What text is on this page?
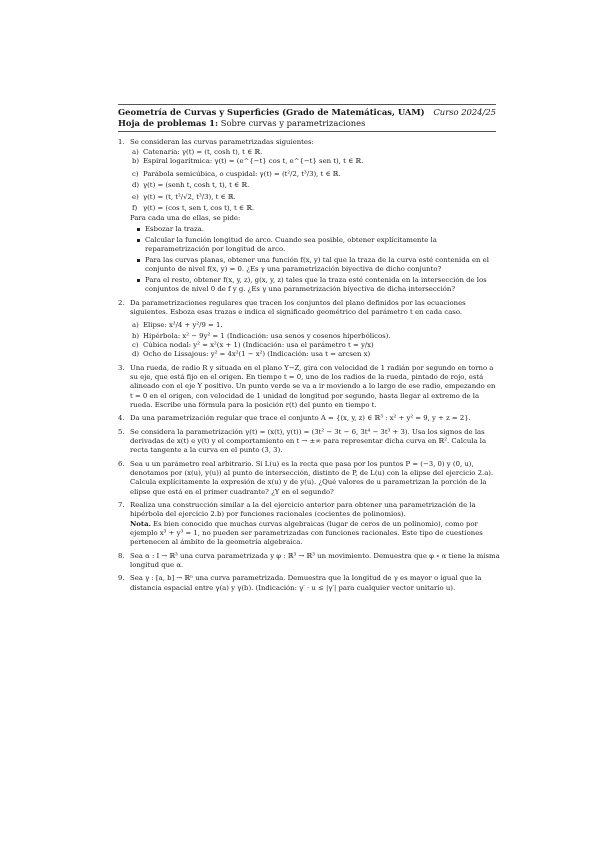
Geometría de Curvas y Superficies (Grado de Matemáticas, UAM) Curso 2024/25
Hoja de problemas 1: Sobre curvas y parametrizaciones
1. Se consideran las curvas parametrizadas siguientes:

a) Catenaria: γ(t) = (t, cosh t), t ∈ ℝ.
b) Espiral logarítmica: γ(t) = (e^{−t} cos t, e^{−t} sen t), t ∈ ℝ.
c) Parábola semicúbica, o cuspidal: γ(t) = (t²/2, t³/3), t ∈ ℝ.
d) γ(t) = (senh t, cosh t, t), t ∈ ℝ.
e) γ(t) = (t, t²/√2, t³/3), t ∈ ℝ.
f) γ(t) = (cos t, sen t, cos t), t ∈ ℝ.

Para cada una de ellas, se pide:

Esbozar la traza.
Calcular la función longitud de arco. Cuando sea posible, obtener explícitamente la reparametrización por longitud de arco.
Para las curvas planas, obtener una función f(x, y) tal que la traza de la curva esté contenida en el conjunto de nivel f(x, y) = 0. ¿Es γ una parametrización biyectiva de dicho conjunto?
Para el resto, obtener f(x, y, z), g(x, y, z) tales que la traza esté contenida en la intersección de los conjuntos de nivel 0 de f y g. ¿Es γ una parametrización biyectiva de dicha intersección?
2. Da parametrizaciones regulares que tracen los conjuntos del plano definidos por las ecuaciones siguientes. Esboza esas trazas e indica el significado geométrico del parámetro t en cada caso.

a) Elipse: x²/4 + y²/9 = 1.
b) Hipérbola: x² − 9y² = 1 (Indicación: usa senos y cosenos hiperbólicos).
c) Cúbica nodal: y² = x²(x + 1) (Indicación: usa el parámetro t = y/x)
d) Ocho de Lissajous: y² = 4x²(1 − x²) (Indicación: usa t = arcsen x)
3. Una rueda, de radio R y situada en el plano Y−Z, gira con velocidad de 1 radián por segundo en torno a su eje, que está fijo en el origen. En tiempo t = 0, uno de los radios de la rueda, pintado de rojo, está alineado con el eje Y positivo. Un punto verde se va a ir moviendo a lo largo de ese radio, empezando en t = 0 en el origen, con velocidad de 1 unidad de longitud por segundo, hasta llegar al extremo de la rueda. Escribe una fórmula para la posición r(t) del punto en tiempo t.

4. Da una parametrización regular que trace el conjunto A = {(x, y, z) ∈ ℝ³ : x² + y² = 9, y + z = 2}.

5. Se considera la parametrización γ(t) = (x(t), y(t)) = (3t² − 3t − 6, 3t⁴ − 3t³ + 3). Usa los signos de las derivadas de x(t) e y(t) y el comportamiento en t → ±∞ para representar dicha curva en ℝ². Calcula la recta tangente a la curva en el punto (3, 3).

6. Sea u un parámetro real arbitrario. Si L(u) es la recta que pasa por los puntos P = (−3, 0) y (0, u), denotamos por (x(u), y(u)) al punto de intersección, distinto de P, de L(u) con la elipse del ejercicio 2.a). Calcula explícitamente la expresión de x(u) y de y(u). ¿Qué valores de u parametrizan la porción de la elipse que está en el primer cuadrante? ¿Y en el segundo?

7. Realiza una construcción similar a la del ejercicio anterior para obtener una parametrización de la hipérbola del ejercicio 2.b) por funciones racionales (cocientes de polinomios).

Nota. Es bien conocido que muchas curvas algebraicas (lugar de ceros de un polinomio), como por ejemplo x³ + y³ = 1, no pueden ser parametrizadas con funciones racionales. Este tipo de cuestiones pertenecen al ámbito de la geometría algebraica.

8. Sea α : I → ℝ³ una curva parametrizada y φ : ℝ³ → ℝ³ un movimiento. Demuestra que φ ∘ α tiene la misma longitud que α.

9. Sea γ : [a, b] → ℝⁿ una curva parametrizada. Demuestra que la longitud de γ es mayor o igual que la distancia espacial entre γ(a) y γ(b). (Indicación: γ′ · u ≤ |γ′| para cualquier vector unitario u).
